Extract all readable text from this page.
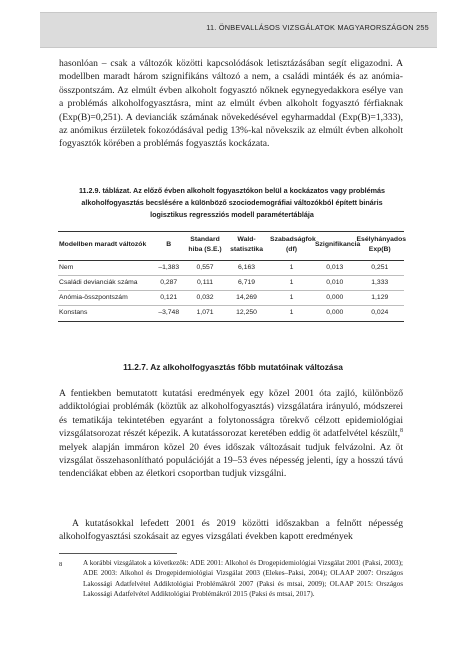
11. ÖNBEVALLÁSOS VIZSGÁLATOK MAGYARORSZÁGON 255

hasonlóan – csak a változók közötti kapcsolódások letisztázásában segít eligazodni. A modellben maradt három szignifikáns változó a nem, a családi mintáék és az anómia-összpontszám. Az elmúlt évben alkoholt fogyasztó nőknek egynegyedakkora esélye van a problémás alkoholfogyasztásra, mint az elmúlt évben alkoholt fogyasztó férfiaknak (Exp(B)=0,251). A devianciák számának növekedésével egyharmaddal (Exp(B)=1,333), az anómikus érzületek fokozódásával pedig 13%-kal növekszik az elmúlt évben alkoholt fogyasztók körében a problémás fogyasztás kockázata.

11.2.9. táblázat. Az előző évben alkoholt fogyasztókon belül a kockázatos vagy problémás alkoholfogyasztás becslésére a különböző szociodemográfiai változókból épített bináris logisztikus regressziós modell paramétertáblája

Modellben maradt változók	B	Standard hiba (S.E.)	Wald-statisztika	Szabadságfok (df)	Szignifikancia	Esélyhányados Exp(B)
Nem	–1,383	0,557	6,163	1	0,013	0,251
Családi devianciák száma	0,287	0,111	6,719	1	0,010	1,333
Anómia-összpontszám	0,121	0,032	14,269	1	0,000	1,129
Konstans	–3,748	1,071	12,250	1	0,000	0,024
11.2.7. Az alkoholfogyasztás főbb mutatóinak változása

A fentiekben bemutatott kutatási eredmények egy közel 2001 óta zajló, különböző addiktológiai problémák (köztük az alkoholfogyasztás) vizsgálatára irányuló, módszerei és tematikája tekintetében egyaránt a folytonosságra törekvő célzott epidemiológiai vizsgálatsorozat részét képezik. A kutatássorozat keretében eddig öt adatfelvétel készült,$^8$ melyek alapján immáron közel 20 éves időszak változásait tudjuk felvázolni. Az öt vizsgálat összehasonlítható populációját a 19–53 éves népesség jelenti, így a hosszú távú tendenciákat ebben az életkori csoportban tudjuk vizsgálni.

A kutatásokkal lefedett 2001 és 2019 közötti időszakban a felnőtt népesség alkoholfogyasztási szokásait az egyes vizsgálati években kapott eredmények

8	A korábbi vizsgálatok a következők: ADE 2001: Alkohol és Drogepidemiológiai Vizsgálat 2001 (Paksi, 2003); ADE 2003: Alkohol és Drogepidemiológiai Vizsgálat 2003 (Elekes–Paksi, 2004); OLAAP 2007: Országos Lakossági Adatfelvétel Addiktológiai Problémákról 2007 (Paksi és mtsai, 2009); OLAAP 2015: Országos Lakossági Adatfelvétel Addiktológiai Problémákról 2015 (Paksi és mtsai, 2017).
